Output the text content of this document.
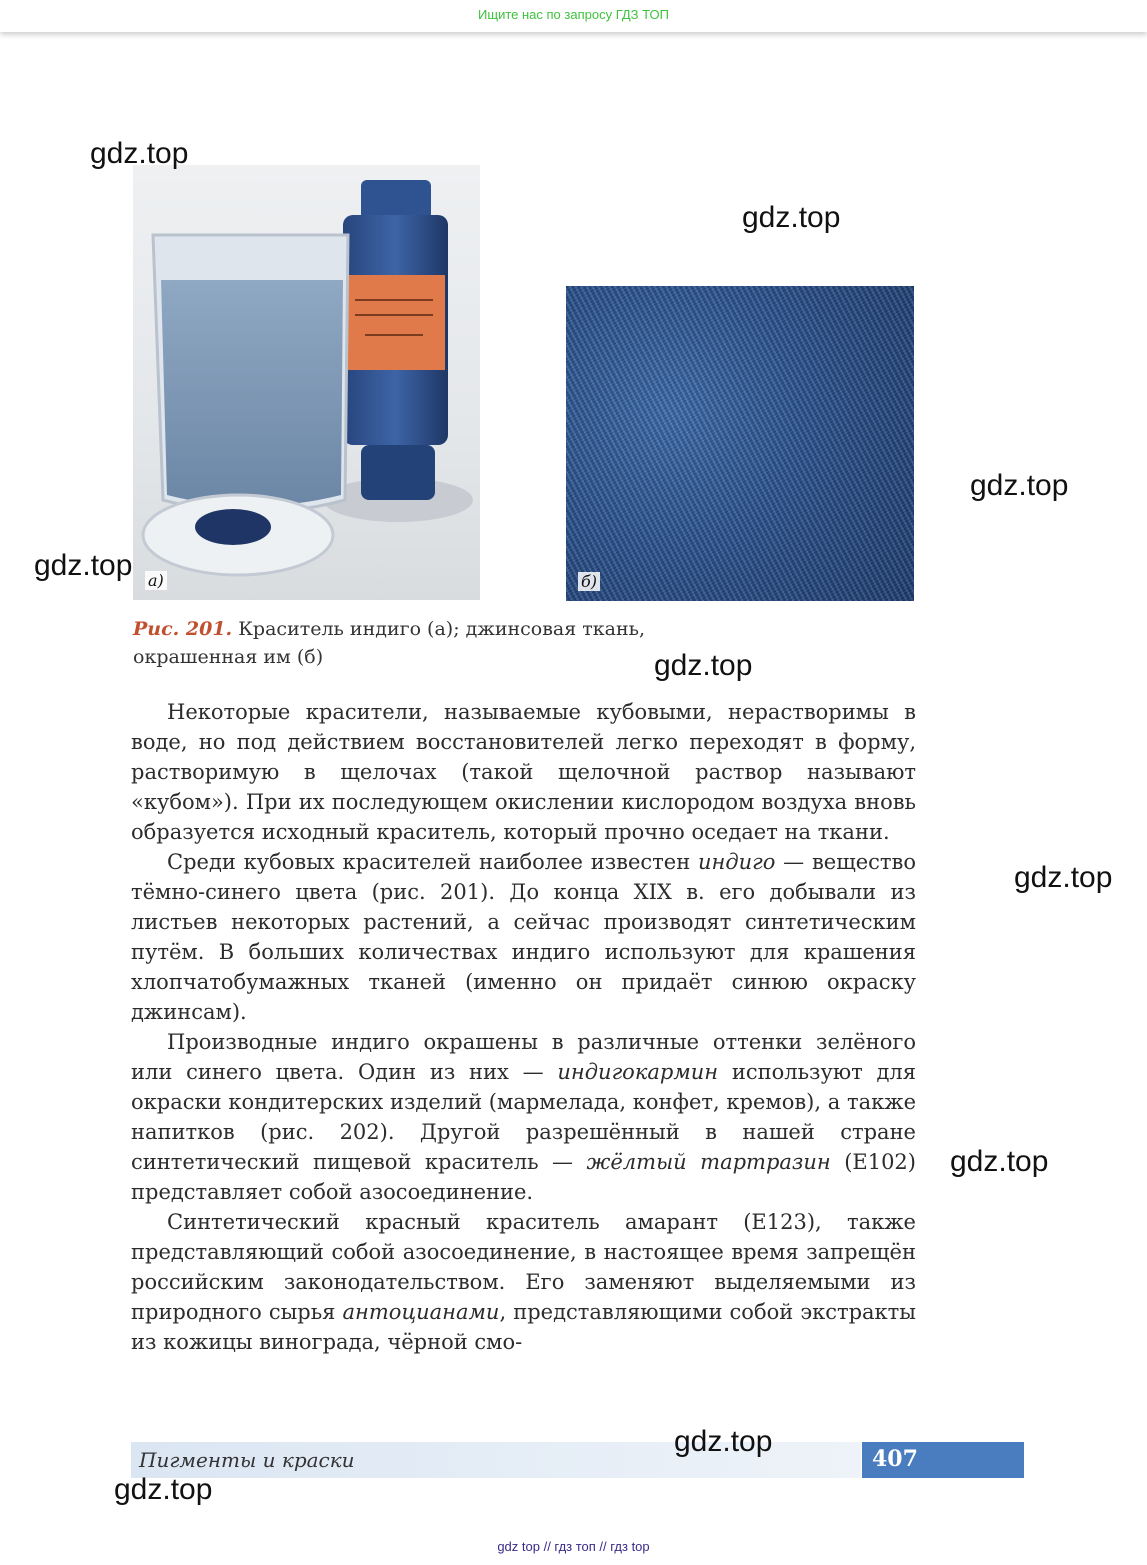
Ищите нас по запросу ГДЗ ТОП
а)	б)
Рис. 201. Краситель индиго (а); джинсовая ткань, окрашенная им (б)

Некоторые красители, называемые кубовыми, нерастворимы в воде, но под действием восстановителей легко переходят в форму, растворимую в щелочах (такой щелочной раствор называют «кубом»). При их последующем окислении кислородом воздуха вновь образуется исходный краситель, который прочно оседает на ткани.

Среди кубовых красителей наиболее известен индиго — вещество тёмно-синего цвета (рис. 201). До конца XIX в. его добывали из листьев некоторых растений, а сейчас производят синтетическим путём. В больших количествах индиго используют для крашения хлопчатобумажных тканей (именно он придаёт синюю окраску джинсам).

Производные индиго окрашены в различные оттенки зелёного или синего цвета. Один из них — индигокармин используют для окраски кондитерских изделий (мармелада, конфет, кремов), а также напитков (рис. 202). Другой разрешённый в нашей стране синтетический пищевой краситель — жёлтый тартразин (Е102) представляет собой азосоединение.

Синтетический красный краситель амарант (Е123), также представляющий собой азосоединение, в настоящее время запрещён российским законодательством. Его заменяют выделяемыми из природного сырья антоцианами, представляющими собой экстракты из кожицы винограда, чёрной смо-

Пигменты и краски	407
gdz.top
gdz.top
gdz.top
gdz.top
gdz.top
gdz.top
gdz.top
gdz.top
gdz.top
gdz top // гдз топ // гдз top
